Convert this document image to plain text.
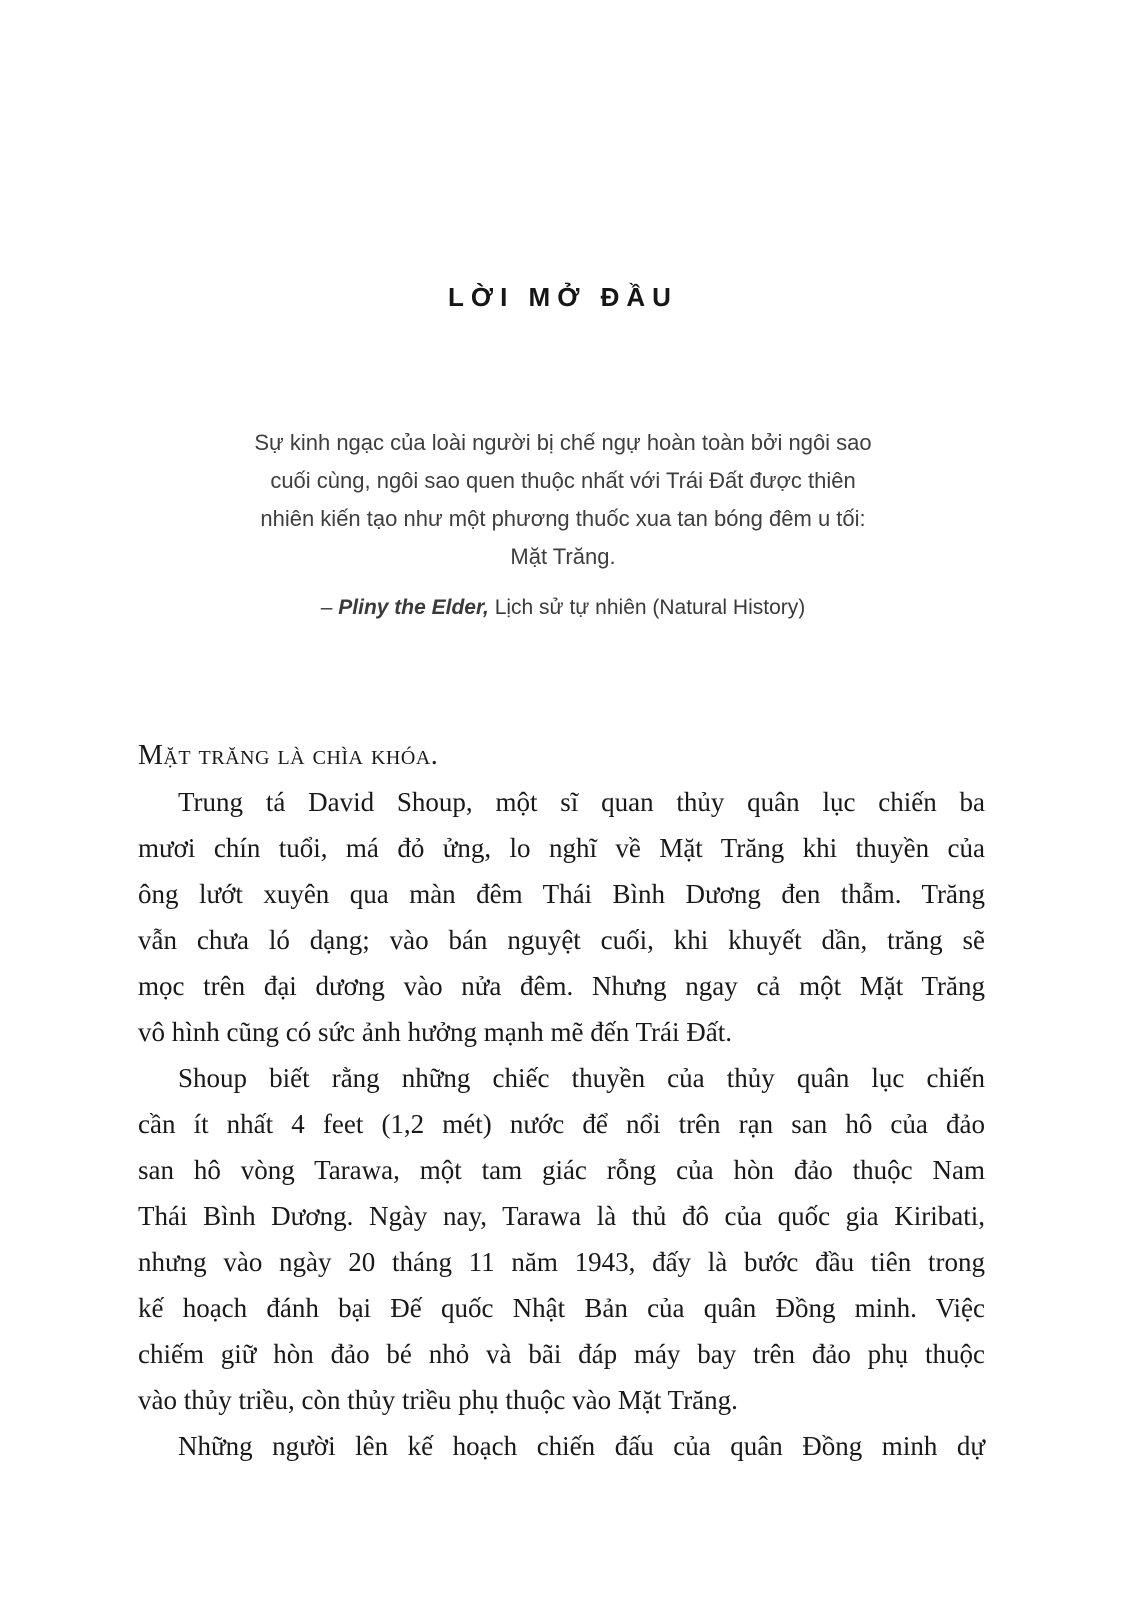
LỜI MỞ ĐẦU
Sự kinh ngạc của loài người bị chế ngự hoàn toàn bởi ngôi sao
cuối cùng, ngôi sao quen thuộc nhất với Trái Đất được thiên
nhiên kiến tạo như một phương thuốc xua tan bóng đêm u tối:
Mặt Trăng.
– Pliny the Elder, Lịch sử tự nhiên (Natural History)
Mặt trăng là chìa khóa.
Trung tá David Shoup, một sĩ quan thủy quân lục chiến ba
mươi chín tuổi, má đỏ ửng, lo nghĩ về Mặt Trăng khi thuyền của
ông lướt xuyên qua màn đêm Thái Bình Dương đen thẫm. Trăng
vẫn chưa ló dạng; vào bán nguyệt cuối, khi khuyết dần, trăng sẽ
mọc trên đại dương vào nửa đêm. Nhưng ngay cả một Mặt Trăng
vô hình cũng có sức ảnh hưởng mạnh mẽ đến Trái Đất.
Shoup biết rằng những chiếc thuyền của thủy quân lục chiến
cần ít nhất 4 feet (1,2 mét) nước để nổi trên rạn san hô của đảo
san hô vòng Tarawa, một tam giác rỗng của hòn đảo thuộc Nam
Thái Bình Dương. Ngày nay, Tarawa là thủ đô của quốc gia Kiribati,
nhưng vào ngày 20 tháng 11 năm 1943, đấy là bước đầu tiên trong
kế hoạch đánh bại Đế quốc Nhật Bản của quân Đồng minh. Việc
chiếm giữ hòn đảo bé nhỏ và bãi đáp máy bay trên đảo phụ thuộc
vào thủy triều, còn thủy triều phụ thuộc vào Mặt Trăng.
Những người lên kế hoạch chiến đấu của quân Đồng minh dự
